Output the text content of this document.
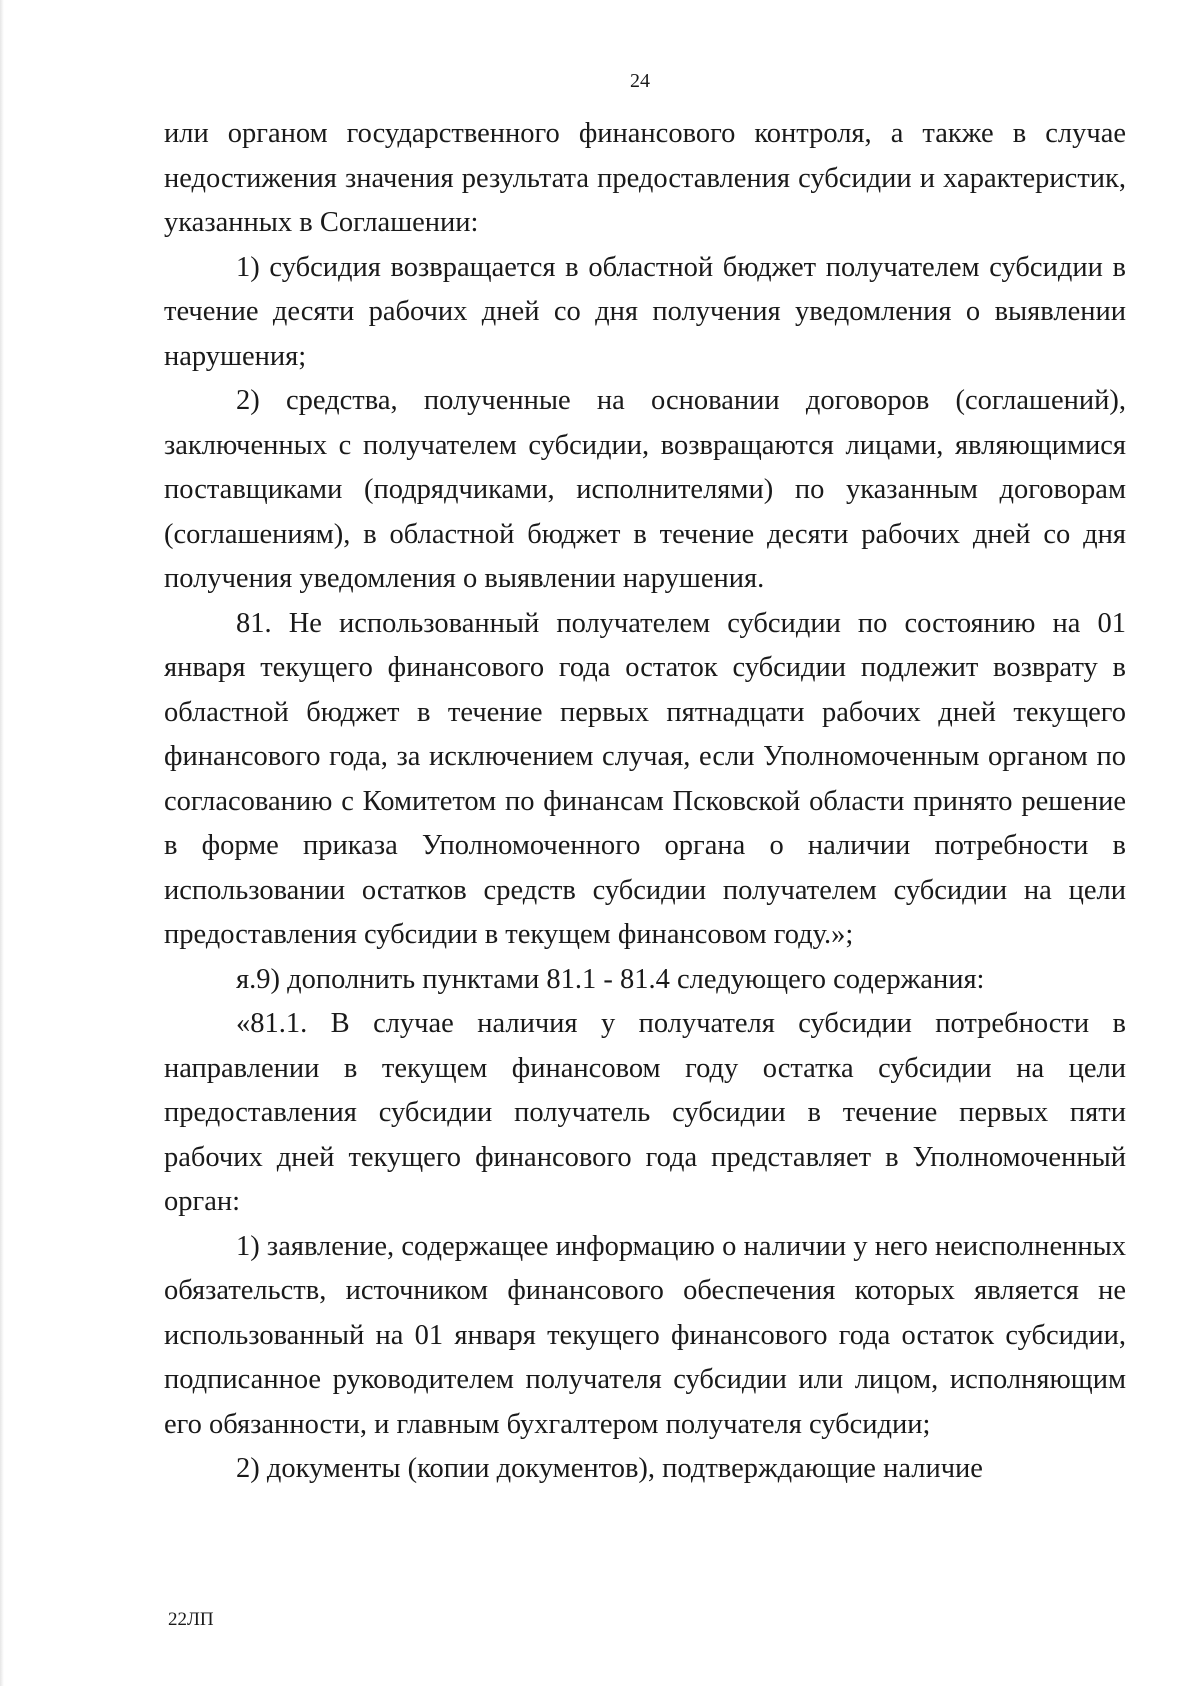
24

или органом государственного финансового контроля, а также в случае недостижения значения результата предоставления субсидии и характеристик, указанных в Соглашении:

1) субсидия возвращается в областной бюджет получателем субсидии в течение десяти рабочих дней со дня получения уведомления о выявлении нарушения;

2) средства, полученные на основании договоров (соглашений), заключенных с получателем субсидии, возвращаются лицами, являющимися поставщиками (подрядчиками, исполнителями) по указанным договорам (соглашениям), в областной бюджет в течение десяти рабочих дней со дня получения уведомления о выявлении нарушения.

81. Не использованный получателем субсидии по состоянию на 01 января текущего финансового года остаток субсидии подлежит возврату в областной бюджет в течение первых пятнадцати рабочих дней текущего финансового года, за исключением случая, если Уполномоченным органом по согласованию с Комитетом по финансам Псковской области принято решение в форме приказа Уполномоченного органа о наличии потребности в использовании остатков средств субсидии получателем субсидии на цели предоставления субсидии в текущем финансовом году.»;

я.9) дополнить пунктами 81.1 - 81.4 следующего содержания:

«81.1. В случае наличия у получателя субсидии потребности в направлении в текущем финансовом году остатка субсидии на цели предоставления субсидии получатель субсидии в течение первых пяти рабочих дней текущего финансового года представляет в Уполномоченный орган:

1) заявление, содержащее информацию о наличии у него неисполненных обязательств, источником финансового обеспечения которых является не использованный на 01 января текущего финансового года остаток субсидии, подписанное руководителем получателя субсидии или лицом, исполняющим его обязанности, и главным бухгалтером получателя субсидии;

2) документы (копии документов), подтверждающие наличие

22ЛП
